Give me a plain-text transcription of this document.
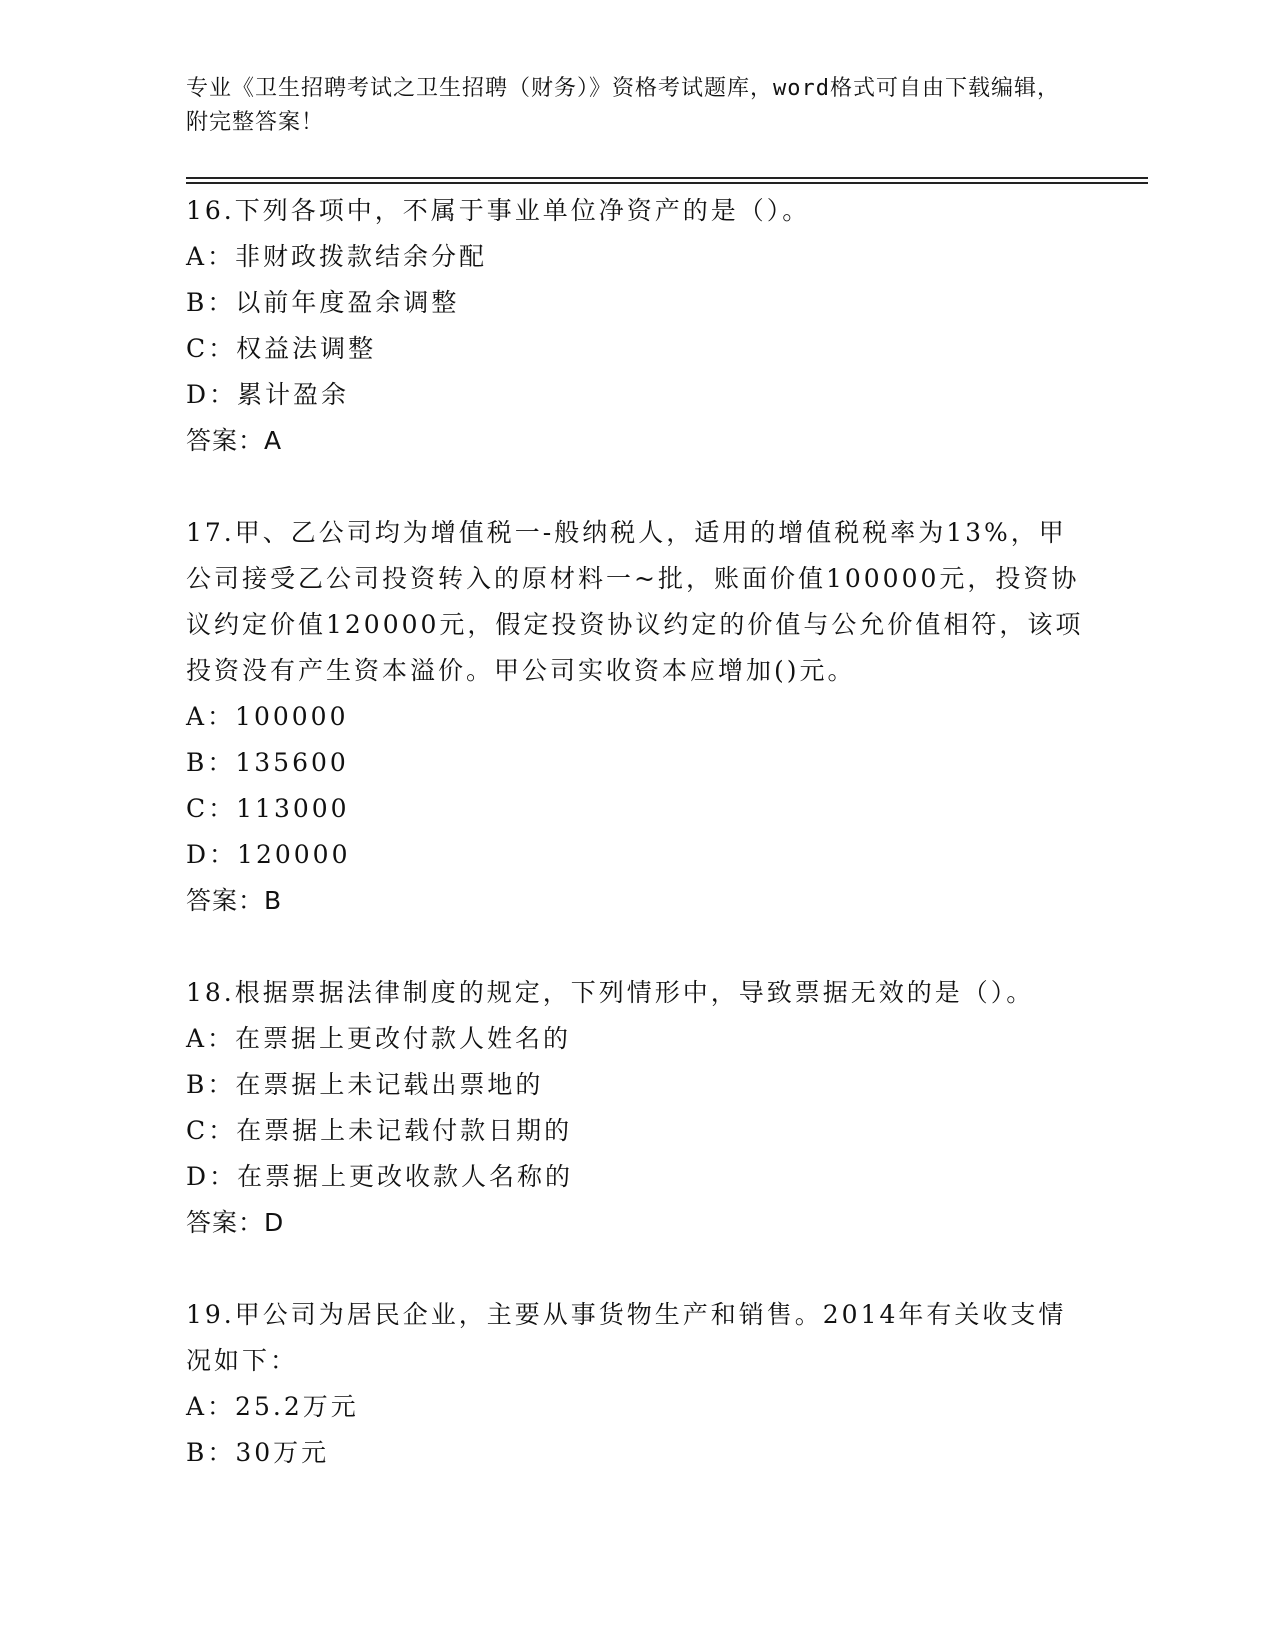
专业《卫生招聘考试之卫生招聘（财务）》资格考试题库，word格式可自由下载编辑，附完整答案！
16.下列各项中，不属于事业单位净资产的是（）。
A：非财政拨款结余分配
B：以前年度盈余调整
C：权益法调整
D：累计盈余
答案：A
17.甲、乙公司均为增值税一-般纳税人，适用的增值税税率为13%，甲公司接受乙公司投资转入的原材料一~批，账面价值100000元，投资协议约定价值120000元，假定投资协议约定的价值与公允价值相符，该项投资没有产生资本溢价。甲公司实收资本应增加()元。
A：100000
B：135600
C：113000
D：120000
答案：B
18.根据票据法律制度的规定，下列情形中，导致票据无效的是（）。
A：在票据上更改付款人姓名的
B：在票据上未记载出票地的
C：在票据上未记载付款日期的
D：在票据上更改收款人名称的
答案：D
19.甲公司为居民企业，主要从事货物生产和销售。2014年有关收支情况如下：
A：25.2万元
B：30万元
